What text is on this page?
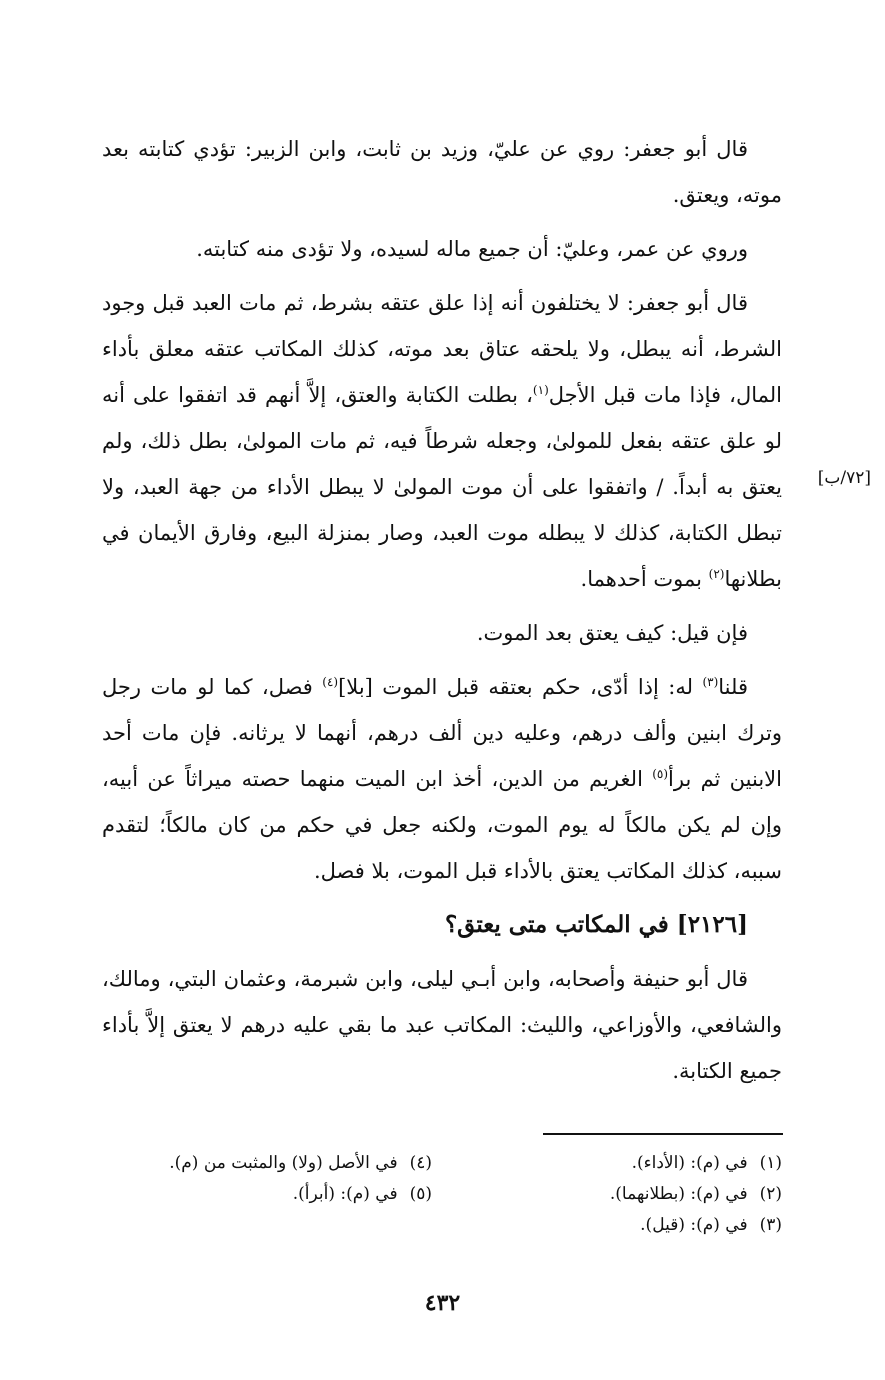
قال أبو جعفر: روي عن عليّ، وزيد بن ثابت، وابن الزبير: تؤدي كتابته بعد موته، ويعتق.

وروي عن عمر، وعليّ: أن جميع ماله لسيده، ولا تؤدى منه كتابته.

قال أبو جعفر: لا يختلفون أنه إذا علق عتقه بشرط، ثم مات العبد قبل وجود الشرط، أنه يبطل، ولا يلحقه عتاق بعد موته، كذلك المكاتب عتقه معلق بأداء المال، فإذا مات قبل الأجل$^{(١)}$، بطلت الكتابة والعتق، إلاَّ أنهم قد اتفقوا على أنه لو علق عتقه بفعل للمولىٰ، وجعله شرطاً فيه، ثم مات المولىٰ، بطل ذلك، ولم يعتق به أبداً. / واتفقوا على أن موت المولىٰ لا يبطل الأداء من جهة العبد، ولا تبطل الكتابة، كذلك لا يبطله موت العبد، وصار بمنزلة البيع، وفارق الأيمان في بطلانها$^{(٢)}$ بموت أحدهما.

فإن قيل: كيف يعتق بعد الموت.

قلنا$^{(٣)}$ له: إذا أدّى، حكم بعتقه قبل الموت [بلا]$^{(٤)}$ فصل، كما لو مات رجل وترك ابنين وألف درهم، وعليه دين ألف درهم، أنهما لا يرثانه. فإن مات أحد الابنين ثم برأ$^{(٥)}$ الغريم من الدين، أخذ ابن الميت منهما حصته ميراثاً عن أبيه، وإن لم يكن مالكاً له يوم الموت، ولكنه جعل في حكم من كان مالكاً؛ لتقدم سببه، كذلك المكاتب يعتق بالأداء قبل الموت، بلا فصل.

[٢١٢٦] في المكاتب متى يعتق؟

قال أبو حنيفة وأصحابه، وابن أبـي ليلى، وابن شبرمة، وعثمان البتي، ومالك، والشافعي، والأوزاعي، والليث: المكاتب عبد ما بقي عليه درهم لا يعتق إلاَّ بأداء جميع الكتابة.

[٧٢/ب]
(١)في (م): (الأداء).
(٢)في (م): (بطلانهما).
(٣)في (م): (قيل).
(٤)في الأصل (ولا) والمثبت من (م).
(٥)في (م): (أبرأ).
٤٣٢
